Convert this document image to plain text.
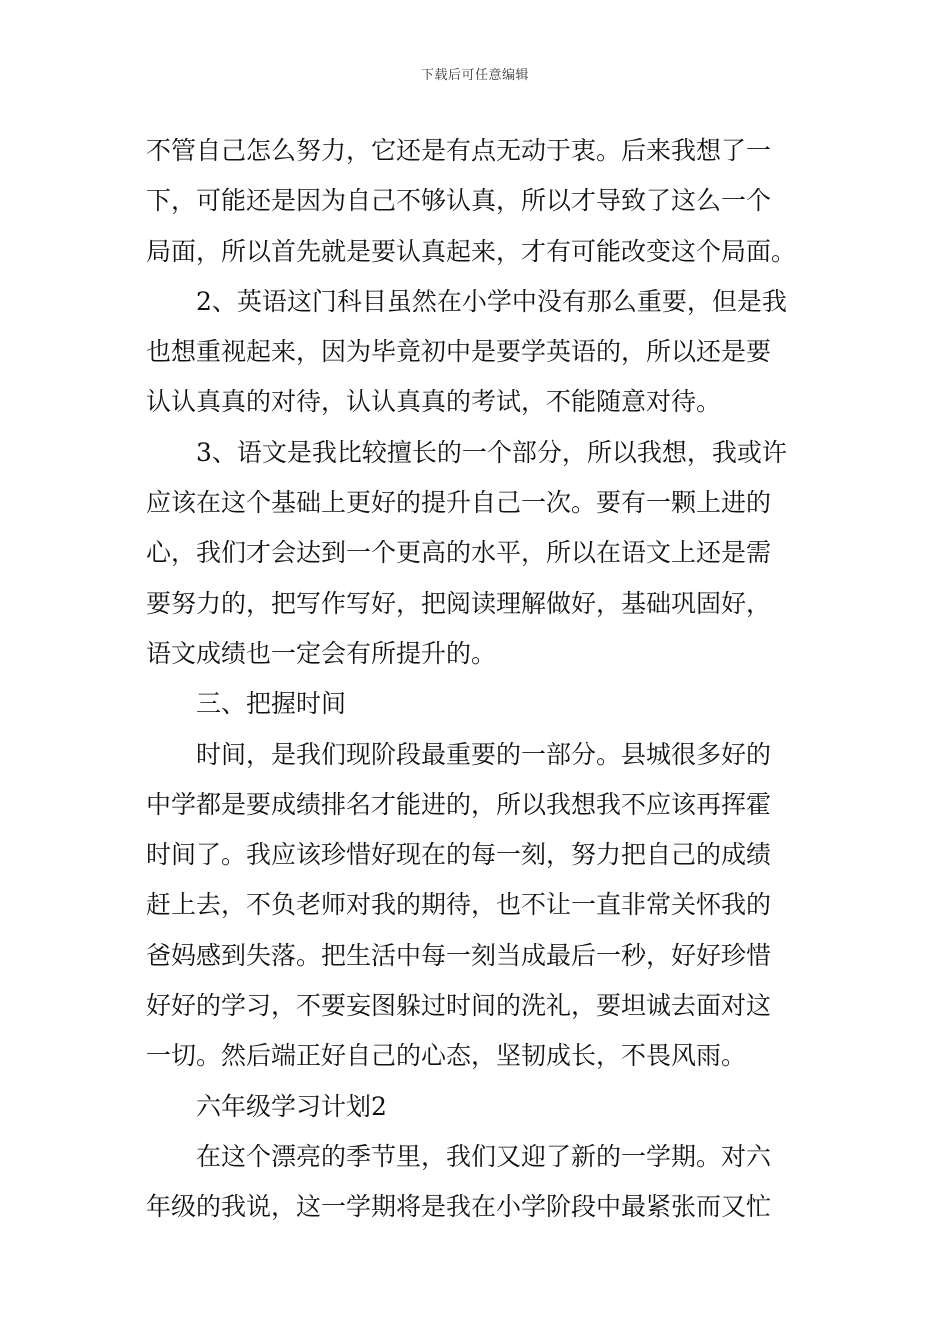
下载后可任意编辑
不管自己怎么努力，它还是有点无动于衷。后来我想了一
下，可能还是因为自己不够认真，所以才导致了这么一个
局面，所以首先就是要认真起来，才有可能改变这个局面。
2、英语这门科目虽然在小学中没有那么重要，但是我
也想重视起来，因为毕竟初中是要学英语的，所以还是要
认认真真的对待，认认真真的考试，不能随意对待。
3、语文是我比较擅长的一个部分，所以我想，我或许
应该在这个基础上更好的提升自己一次。要有一颗上进的
心，我们才会达到一个更高的水平，所以在语文上还是需
要努力的，把写作写好，把阅读理解做好，基础巩固好，
语文成绩也一定会有所提升的。
三、把握时间
时间，是我们现阶段最重要的一部分。县城很多好的
中学都是要成绩排名才能进的，所以我想我不应该再挥霍
时间了。我应该珍惜好现在的每一刻，努力把自己的成绩
赶上去，不负老师对我的期待，也不让一直非常关怀我的
爸妈感到失落。把生活中每一刻当成最后一秒，好好珍惜
好好的学习，不要妄图躲过时间的洗礼，要坦诚去面对这
一切。然后端正好自己的心态，坚韧成长，不畏风雨。
六年级学习计划2
在这个漂亮的季节里，我们又迎了新的一学期。对六
年级的我说，这一学期将是我在小学阶段中最紧张而又忙
